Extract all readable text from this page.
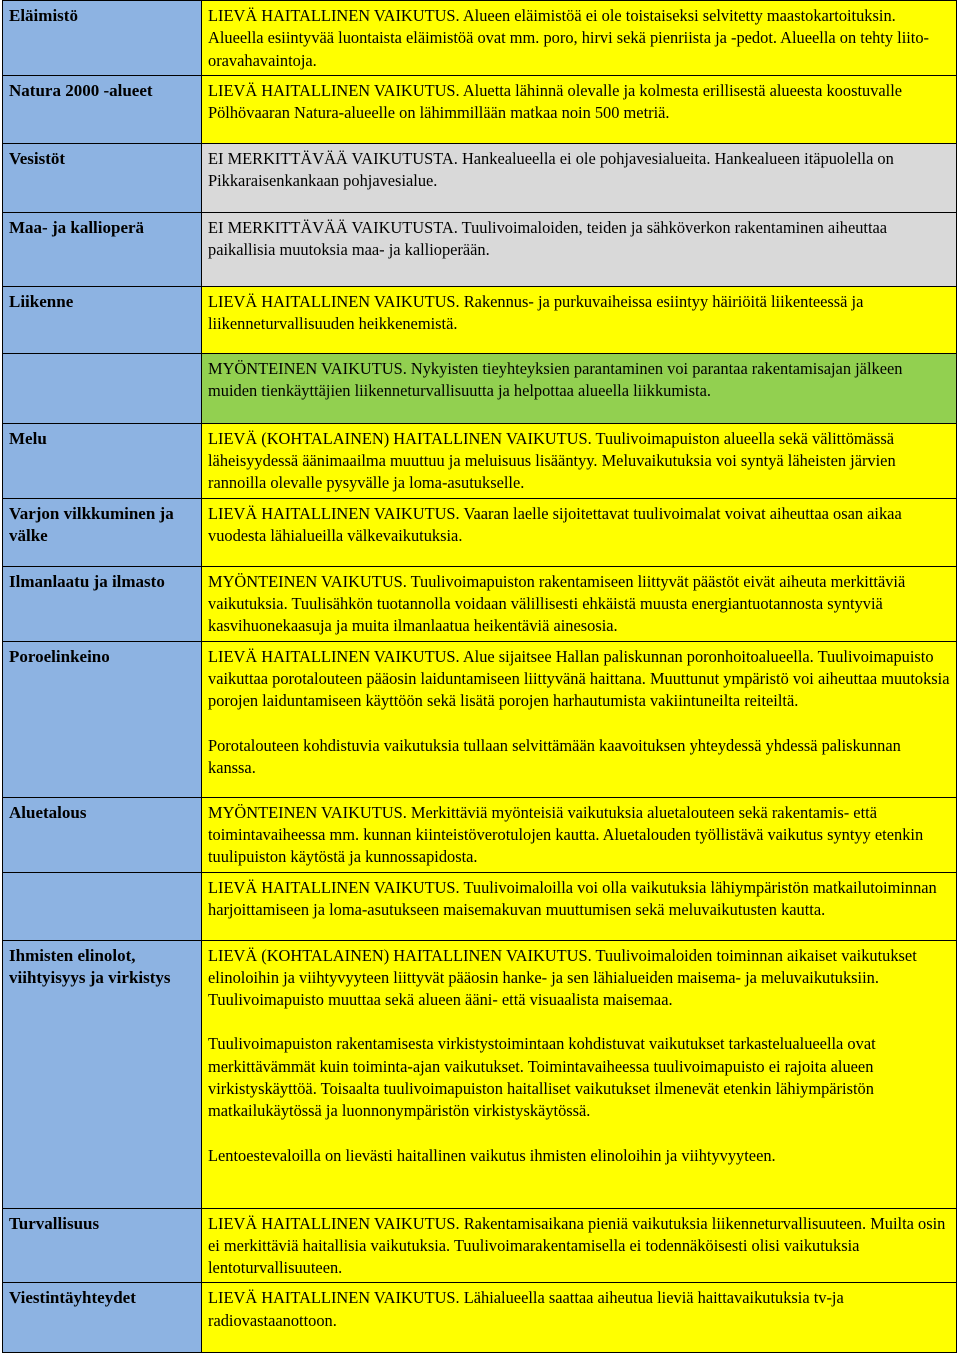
Eläimistö	LIEVÄ HAITALLINEN VAIKUTUS. Alueen eläimistöä ei ole toistaiseksi selvitetty maastokartoituksin. Alueella esiintyvää luontaista eläimistöä ovat mm. poro, hirvi sekä pienriista ja -pedot. Alueella on tehty liito-oravahavaintoja.

Natura 2000 -alueet	LIEVÄ HAITALLINEN VAIKUTUS. Aluetta lähinnä olevalle ja kolmesta erillisestä alueesta koostuvalle Pölhövaaran Natura-alueelle on lähimmillään matkaa noin 500 metriä.

Vesistöt	EI MERKITTÄVÄÄ VAIKUTUSTA. Hankealueella ei ole pohjavesialueita. Hankealueen itäpuolella on Pikkaraisenkankaan pohjavesialue.

Maa- ja kallioperä	EI MERKITTÄVÄÄ VAIKUTUSTA. Tuulivoimaloiden, teiden ja sähköverkon rakentaminen aiheuttaa paikallisia muutoksia maa- ja kallioperään.

Liikenne	LIEVÄ HAITALLINEN VAIKUTUS. Rakennus- ja purkuvaiheissa esiintyy häiriöitä liikenteessä ja liikenneturvallisuuden heikkenemistä.

	MYÖNTEINEN VAIKUTUS. Nykyisten tieyhteyksien parantaminen voi parantaa rakentamisajan jälkeen muiden tienkäyttäjien liikenneturvallisuutta ja helpottaa alueella liikkumista.

Melu	LIEVÄ (KOHTALAINEN) HAITALLINEN VAIKUTUS. Tuulivoimapuiston alueella sekä välittömässä läheisyydessä äänimaailma muuttuu ja meluisuus lisääntyy. Meluvaikutuksia voi syntyä läheisten järvien rannoilla olevalle pysyvälle ja loma-asutukselle.

Varjon vilkkuminen ja välke	LIEVÄ HAITALLINEN VAIKUTUS. Vaaran laelle sijoitettavat tuulivoimalat voivat aiheuttaa osan aikaa vuodesta lähialueilla välkevaikutuksia.

Ilmanlaatu ja ilmasto	MYÖNTEINEN VAIKUTUS. Tuulivoimapuiston rakentamiseen liittyvät päästöt eivät aiheuta merkittäviä vaikutuksia. Tuulisähkön tuotannolla voidaan välillisesti ehkäistä muusta energiantuotannosta syntyviä kasvihuonekaasuja ja muita ilmanlaatua heikentäviä ainesosia.

Poroelinkeino	LIEVÄ HAITALLINEN VAIKUTUS. Alue sijaitsee Hallan paliskunnan poronhoitoalueella. Tuulivoimapuisto vaikuttaa porotalouteen pääosin laiduntamiseen liittyvänä haittana. Muuttunut ympäristö voi aiheuttaa muutoksia porojen laiduntamiseen käyttöön sekä lisätä porojen harhautumista vakiintuneilta reiteiltä.
Porotalouteen kohdistuvia vaikutuksia tullaan selvittämään kaavoituksen yhteydessä yhdessä paliskunnan kanssa.

Aluetalous	MYÖNTEINEN VAIKUTUS. Merkittäviä myönteisiä vaikutuksia aluetalouteen sekä rakentamis- että toimintavaiheessa mm. kunnan kiinteistöverotulojen kautta. Aluetalouden työllistävä vaikutus syntyy etenkin tuulipuiston käytöstä ja kunnossapidosta.

	LIEVÄ HAITALLINEN VAIKUTUS. Tuulivoimaloilla voi olla vaikutuksia lähiympäristön matkailutoiminnan harjoittamiseen ja loma-asutukseen maisemakuvan muuttumisen sekä meluvaikutusten kautta.

Ihmisten elinolot, viihtyisyys ja virkistys	LIEVÄ (KOHTALAINEN) HAITALLINEN VAIKUTUS. Tuulivoimaloiden toiminnan aikaiset vaikutukset elinoloihin ja viihtyvyyteen liittyvät pääosin hanke- ja sen lähialueiden maisema- ja meluvaikutuksiin. Tuulivoimapuisto muuttaa sekä alueen ääni- että visuaalista maisemaa.
Tuulivoimapuiston rakentamisesta virkistystoimintaan kohdistuvat vaikutukset tarkastelualueella ovat merkittävämmät kuin toiminta-ajan vaikutukset. Toimintavaiheessa tuulivoimapuisto ei rajoita alueen virkistyskäyttöä. Toisaalta tuulivoimapuiston haitalliset vaikutukset ilmenevät etenkin lähiympäristön matkailukäytössä ja luonnonympäristön virkistyskäytössä.
Lentoestevaloilla on lievästi haitallinen vaikutus ihmisten elinoloihin ja viihtyvyyteen.

Turvallisuus	LIEVÄ HAITALLINEN VAIKUTUS. Rakentamisaikana pieniä vaikutuksia liikenneturvallisuuteen. Muilta osin ei merkittäviä haitallisia vaikutuksia. Tuulivoimarakentamisella ei todennäköisesti olisi vaikutuksia lentoturvallisuuteen.

Viestintäyhteydet	LIEVÄ HAITALLINEN VAIKUTUS. Lähialueella saattaa aiheutua lieviä haittavaikutuksia tv-ja radiovastaanottoon.
